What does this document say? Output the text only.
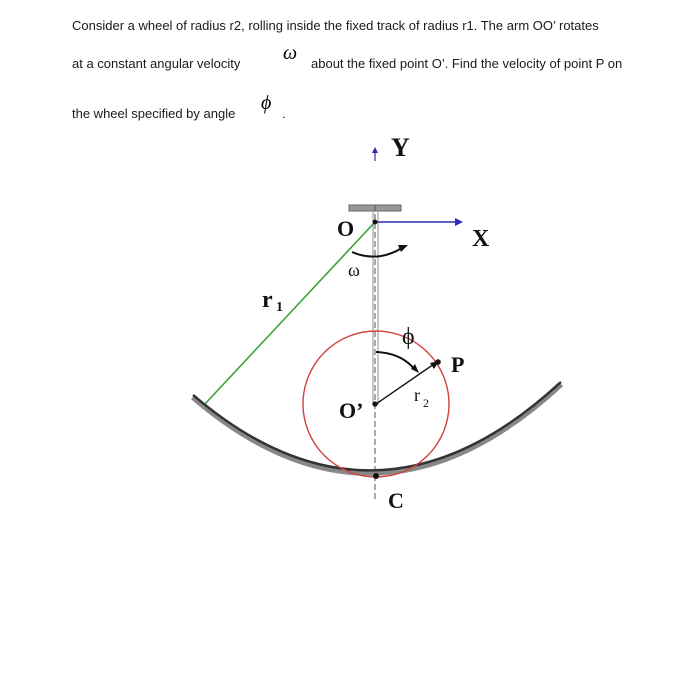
Consider a wheel of radius r2, rolling inside the fixed track of radius r1. The arm OO’ rotates
at a constant angular velocity ω about the fixed point O’. Find the velocity of point P on
the wheel specified by angle ϕ .
Y
X
O
ω
r 1
ϕ
P
r 2
O’
C
